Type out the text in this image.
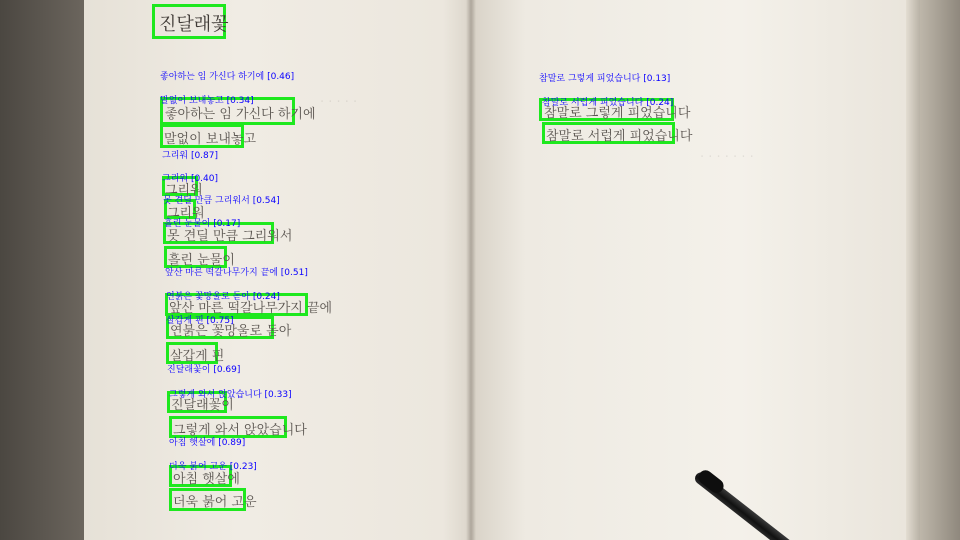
· · · · ·
· · · · · · ·
진달래꽃
좋아하는 임 가신다 하기에
말없이 보내놓고
그리워
그리워
못 견딜 만큼 그리워서
흘린 눈물이
앞산 마른 떡갈나무가지 끝에
연붉은 꽃망울로 돋아
살갑게 핀
진달래꽃이
그렇게 와서 앉았습니다
아침 햇살에
더욱 붉어 고운
참말로 그렇게 피었습니다
참말로 서럽게 피었습니다
좋아하는 임 가신다 하기에 [0.46]
말없이 보내놓고 [0.34]
그리워 [0.87]
그리워 [0.40]
못 견딜 만큼 그리워서 [0.54]
흘린 눈물이 [0.17]
앞산 마른 떡갈나무가지 끝에 [0.51]
연붉은 꽃망울로 돋아 [0.24]
살갑게 핀 [0.75]
진달래꽃이 [0.69]
그렇게 와서 앉았습니다 [0.33]
아침 햇살에 [0.89]
더욱 붉어 고운 [0.23]
참말로 그렇게 피었습니다 [0.13]
참말로 서럽게 피었습니다 [0.24]
